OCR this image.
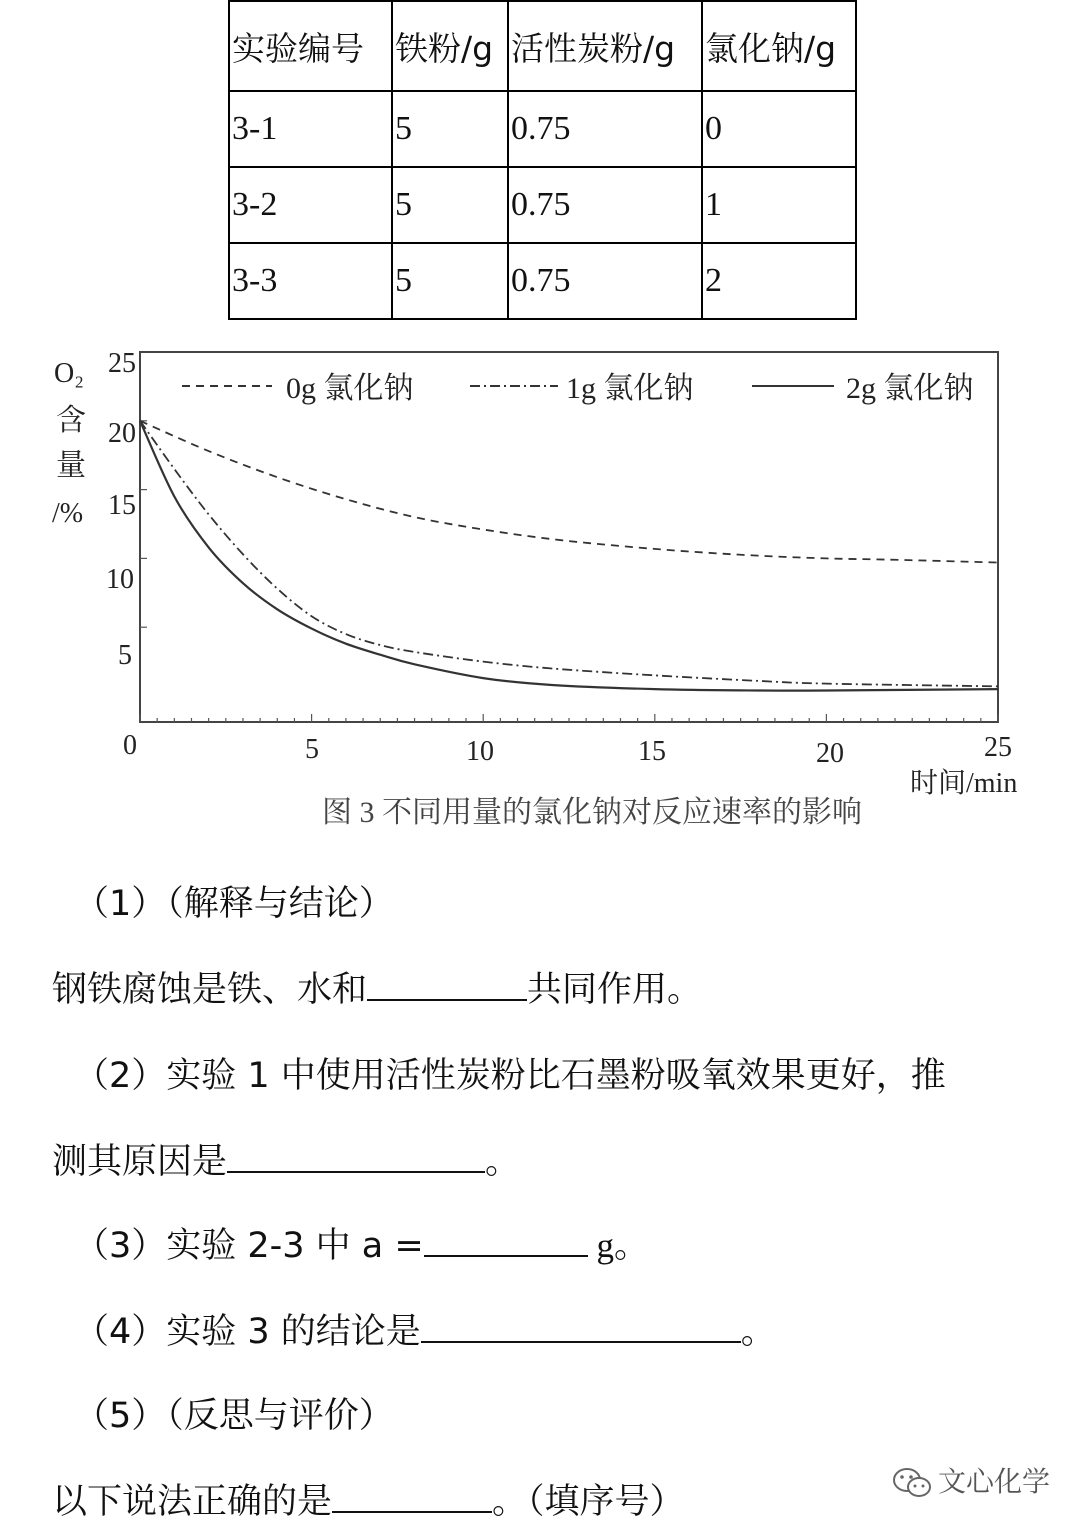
实验编号	铁粉/g	活性炭粉/g	氯化钠/g
3-1	5	0.75	0
3-2	5	0.75	1
3-3	5	0.75	2
O₂
含
量
/%
25
20
15
10
5
0	5	10	15	20	25
时间/min
0g 氯化钠	1g 氯化钠	2g 氯化钠
图 3 不同用量的氯化钠对反应速率的影响
（1）（解释与结论）
钢铁腐蚀是铁、水和	共同作用。
（2）实验 1 中使用活性炭粉比石墨粉吸氧效果更好，推
测其原因是	。
（3）实验 2-3 中 a =	g。
（4）实验 3 的结论是	。
（5）（反思与评价）
以下说法正确的是	。（填序号）
文心化学
